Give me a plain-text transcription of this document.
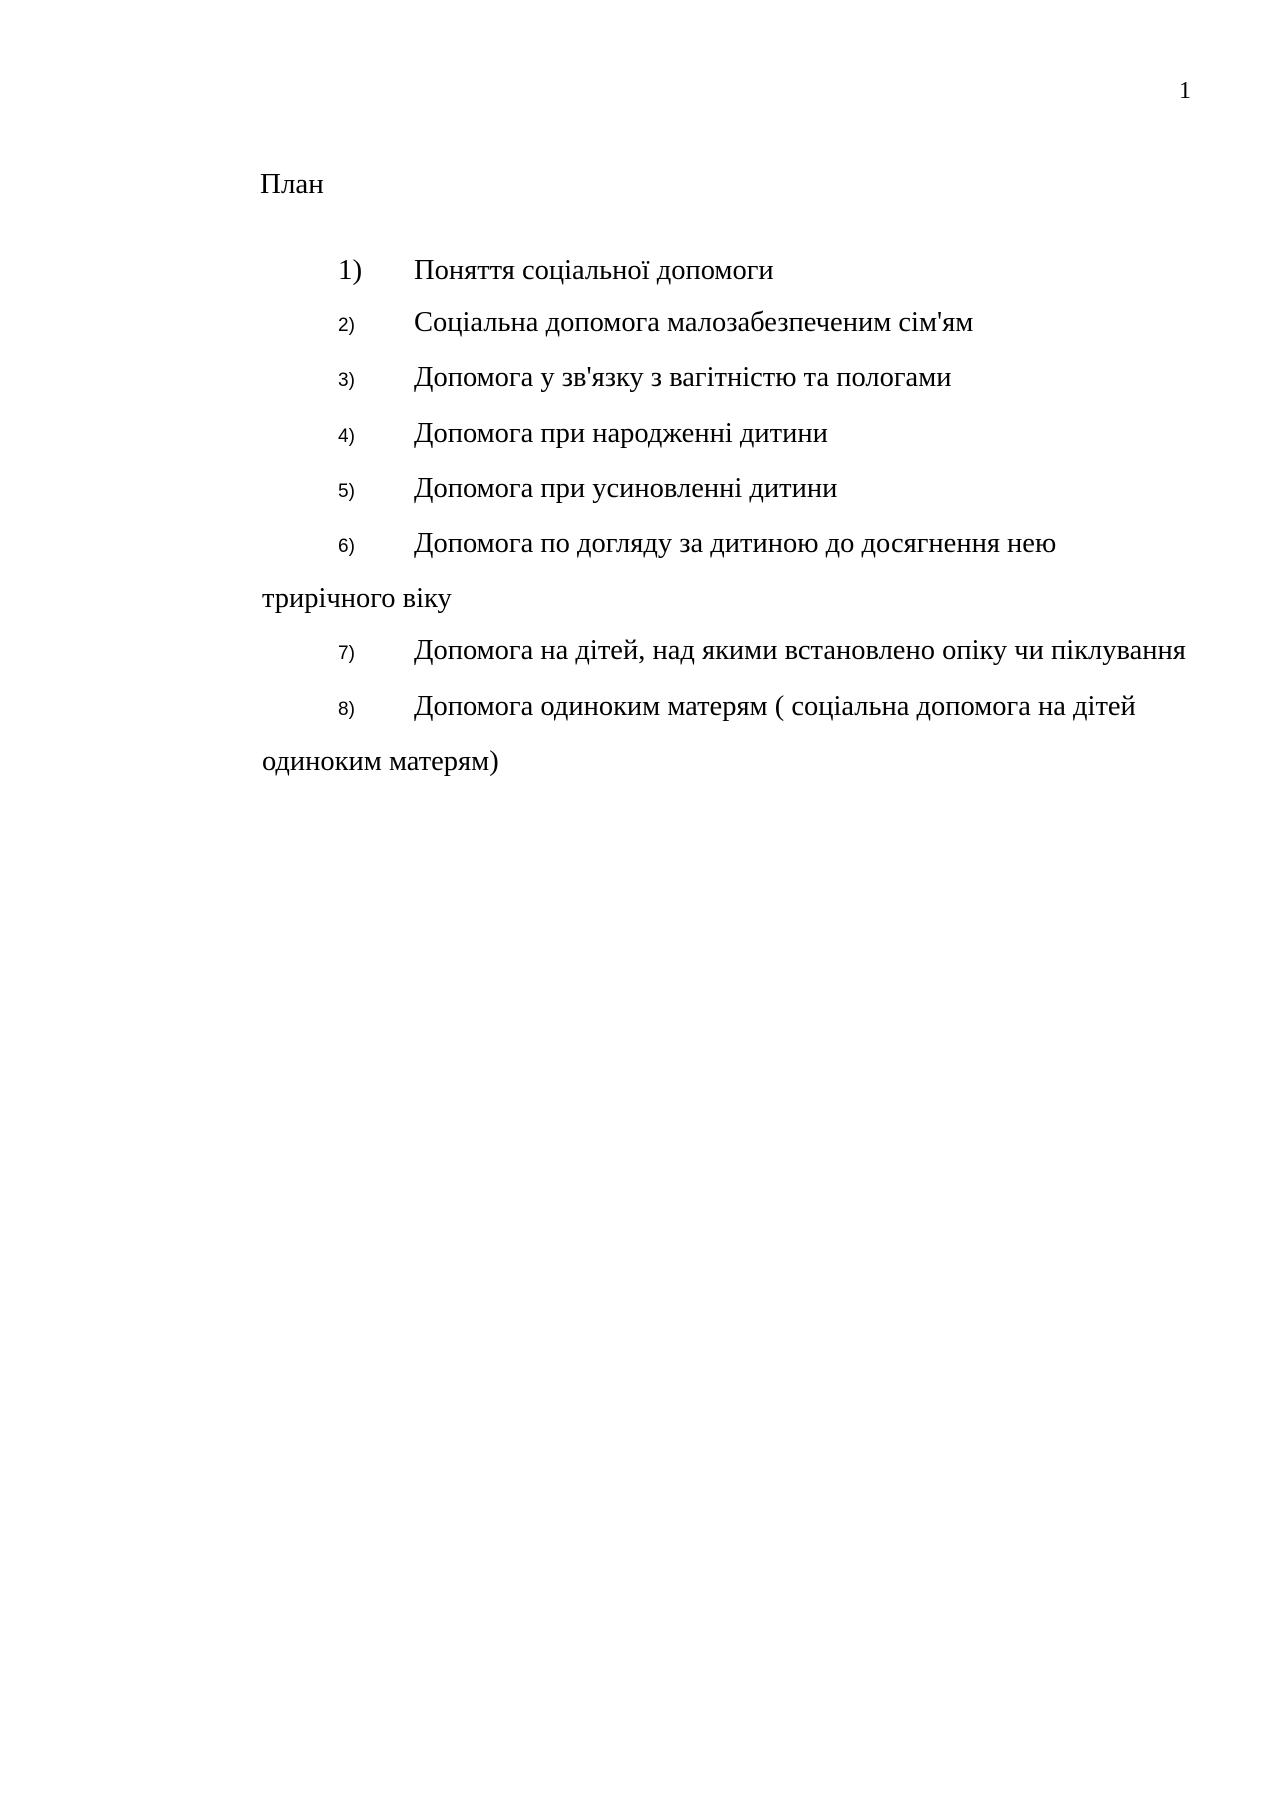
1
План
1) Поняття соціальної допомоги
2) Соціальна допомога малозабезпеченим сім'ям
3) Допомога у зв'язку з вагітністю та пологами
4) Допомога при народженні дитини
5) Допомога при усиновленні дитини
6) Допомога по догляду за дитиною до досягнення нею трирічного віку
7) Допомога на дітей, над якими встановлено опіку чи піклування
8) Допомога одиноким матерям ( соціальна допомога на дітей одиноким матерям)
